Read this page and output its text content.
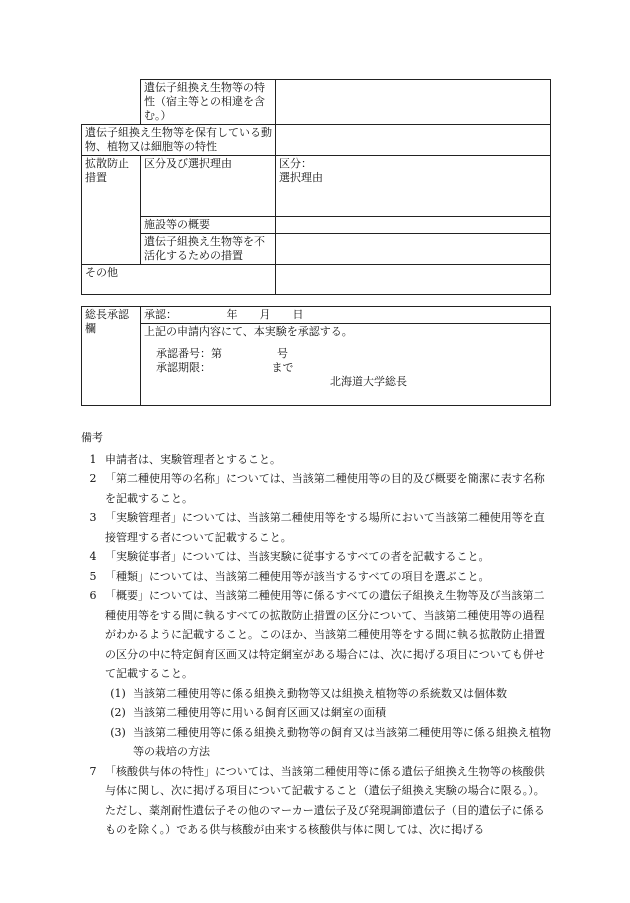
	遺伝子組換え生物等の特性（宿主等との相違を含む。）	
遺伝子組換え生物等を保有している動物、植物又は細胞等の特性		
拡散防止措置	区分及び選択理由	区分：
選択理由

	施設等の概要	
	遺伝子組換え生物等を不活化するための措置	
その他		
総長承認欄	承認：　　　　　年　　月　　日

上記の申請内容にて、本実験を承認する。

承認番号：第　　　　　号

承認期限：　　　　　　まで

北海道大学総長

備考
1 申請者は、実験管理者とすること。
2 「第二種使用等の名称」については、当該第二種使用等の目的及び概要を簡潔に表す名称を記載すること。
3 「実験管理者」については、当該第二種使用等をする場所において当該第二種使用等を直接管理する者について記載すること。
4 「実験従事者」については、当該実験に従事するすべての者を記載すること。
5 「種類」については、当該第二種使用等が該当するすべての項目を選ぶこと。
6 「概要」については、当該第二種使用等に係るすべての遺伝子組換え生物等及び当該第二種使用等をする間に執るすべての拡散防止措置の区分について、当該第二種使用等の過程がわかるように記載すること。このほか、当該第二種使用等をする間に執る拡散防止措置の区分の中に特定飼育区画又は特定網室がある場合には、次に掲げる項目についても併せて記載すること。
(1) 当該第二種使用等に係る組換え動物等又は組換え植物等の系統数又は個体数
(2) 当該第二種使用等に用いる飼育区画又は網室の面積
(3) 当該第二種使用等に係る組換え動物等の飼育又は当該第二種使用等に係る組換え植物等の栽培の方法
7 「核酸供与体の特性」については、当該第二種使用等に係る遺伝子組換え生物等の核酸供与体に関し、次に掲げる項目について記載すること（遺伝子組換え実験の場合に限る。）。ただし、薬剤耐性遺伝子その他のマーカー遺伝子及び発現調節遺伝子（目的遺伝子に係るものを除く。）である供与核酸が由来する核酸供与体に関しては、次に掲げる
